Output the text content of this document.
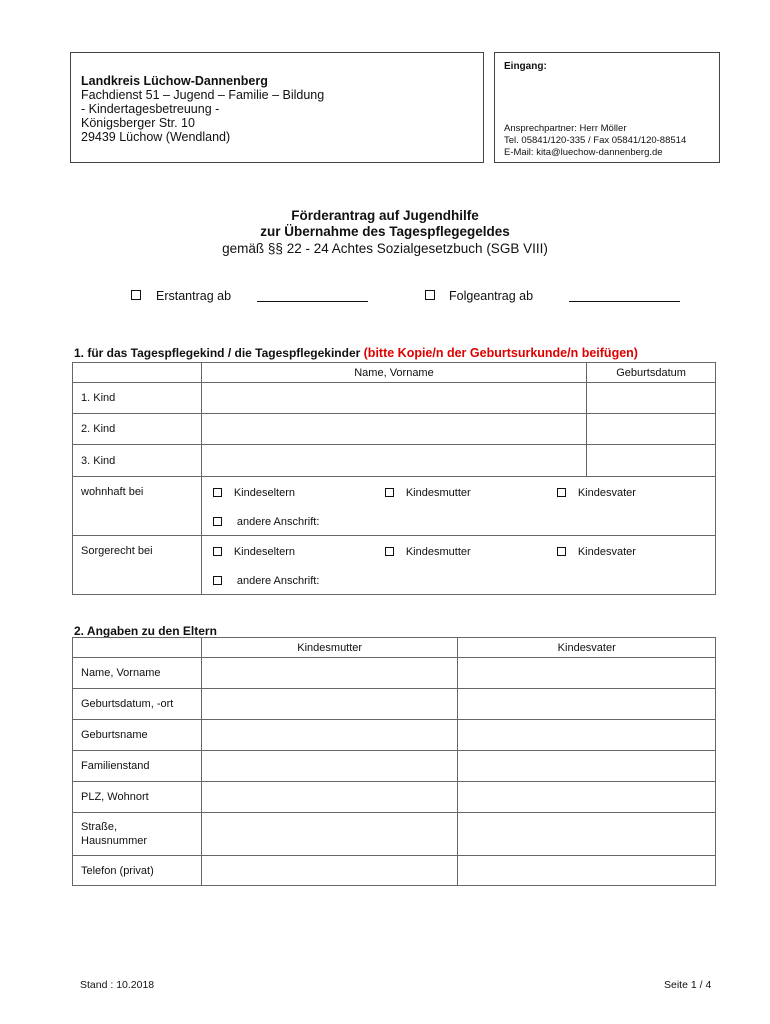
Landkreis Lüchow-Dannenberg
Fachdienst 51 – Jugend – Familie – Bildung
- Kindertagesbetreuung -
Königsberger Str. 10
29439 Lüchow (Wendland)
Eingang:
Ansprechpartner: Herr Möller
Tel. 05841/120-335 / Fax 05841/120-88514
E-Mail: kita@luechow-dannenberg.de
Förderantrag auf Jugendhilfe
zur Übernahme des Tagespflegegeldes
gemäß §§ 22 - 24 Achtes Sozialgesetzbuch (SGB VIII)
Erstantrag ab	Folgeantrag ab
1. für das Tagespflegekind / die Tagespflegekinder (bitte Kopie/n der Geburtsurkunde/n beifügen)
	Name, Vorname	Geburtsdatum
1. Kind		
2. Kind		
3. Kind		
wohnhaft bei	Kindeseltern Kindesmutter Kindesvater
andere Anschrift:	

Sorgerecht bei	Kindeseltern Kindesmutter Kindesvater
andere Anschrift:	
2. Angaben zu den Eltern
	Kindesmutter	Kindesvater
Name, Vorname		
Geburtsdatum, -ort		
Geburtsname		
Familienstand		
PLZ, Wohnort		

Straße,
Hausnummer		

Telefon (privat)		
Stand : 10.2018	Seite 1 / 4
